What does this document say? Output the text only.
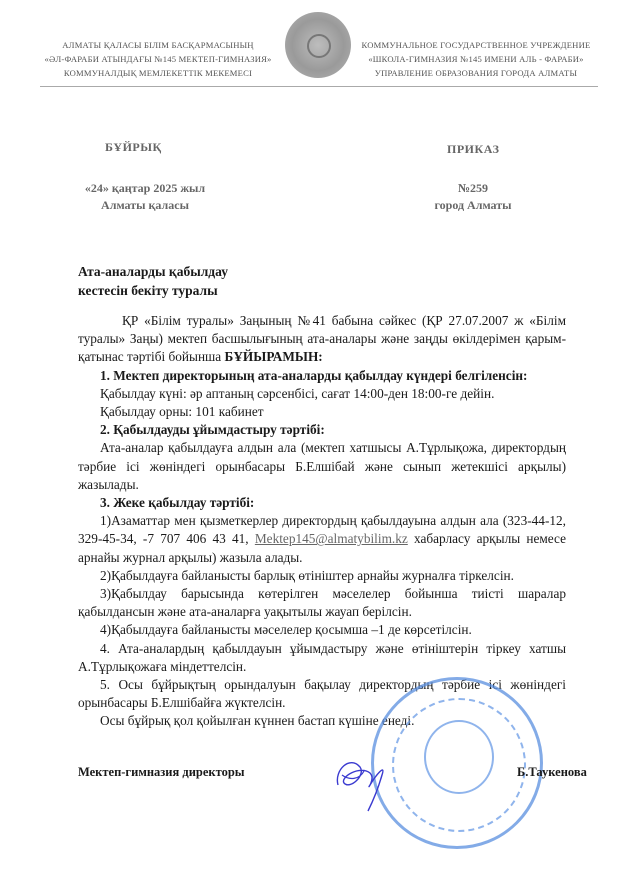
АЛМАТЫ ҚАЛАСЫ БІЛІМ БАСҚАРМАСЫНЫҢ
«ӘЛ-ФАРАБИ АТЫНДАҒЫ №145 МЕКТЕП-ГИМНАЗИЯ»
КОММУНАЛДЫҚ МЕМЛЕКЕТТІК МЕКЕМЕСІ
КОММУНАЛЬНОЕ ГОСУДАРСТВЕННОЕ УЧРЕЖДЕНИЕ
«ШКОЛА-ГИМНАЗИЯ №145 ИМЕНИ АЛЬ - ФАРАБИ»
УПРАВЛЕНИЕ ОБРАЗОВАНИЯ ГОРОДА АЛМАТЫ
БҰЙРЫҚ	ПРИКАЗ
«24» қаңтар 2025 жыл
Алматы қаласы
№259
город Алматы
Ата-аналарды қабылдау
кестесін бекіту туралы

ҚР «Білім туралы» Заңының №41 бабына сәйкес (ҚР 27.07.2007 ж «Білім туралы» Заңы) мектеп басшылығының ата-аналары және заңды өкілдерімен қарым-қатынас тәртібі бойынша БҰЙЫРАМЫН:

1. Мектеп директорының ата-аналарды қабылдау күндері белгіленсін:

Қабылдау күні: әр аптаның сәрсенбісі, сағат 14:00-ден 18:00-ге дейін.

Қабылдау орны: 101 кабинет

2. Қабылдауды ұйымдастыру тәртібі:

Ата-аналар қабылдауға алдын ала (мектеп хатшысы А.Тұрлықожа, директордың тәрбие ісі жөніндегі орынбасары Б.Елшібай және сынып жетекшісі арқылы) жазылады.

3. Жеке қабылдау тәртібі:

1)Азаматтар мен қызметкерлер директордың қабылдауына алдын ала (323-44-12, 329-45-34, -7 707 406 43 41, Mektep145@almatybilim.kz хабарласу арқылы немесе арнайы журнал арқылы) жазыла алады.

2)Қабылдауға байланысты барлық өтініштер арнайы журналға тіркелсін.

3)Қабылдау барысында көтерілген мәселелер бойынша тиісті шаралар қабылдансын және ата-аналарға уақытылы жауап берілсін.

4)Қабылдауға байланысты мәселелер қосымша –1 де көрсетілсін.

4. Ата-аналардың қабылдауын ұйымдастыру және өтініштерін тіркеу хатшы А.Тұрлықожаға міндеттелсін.

5. Осы бұйрықтың орындалуын бақылау директордың тәрбие ісі жөніндегі орынбасары Б.Елшібайға жүктелсін.

Осы бұйрық қол қойылған күннен бастап күшіне енеді.

Мектеп-гимназия директоры	Б.Таукенова
